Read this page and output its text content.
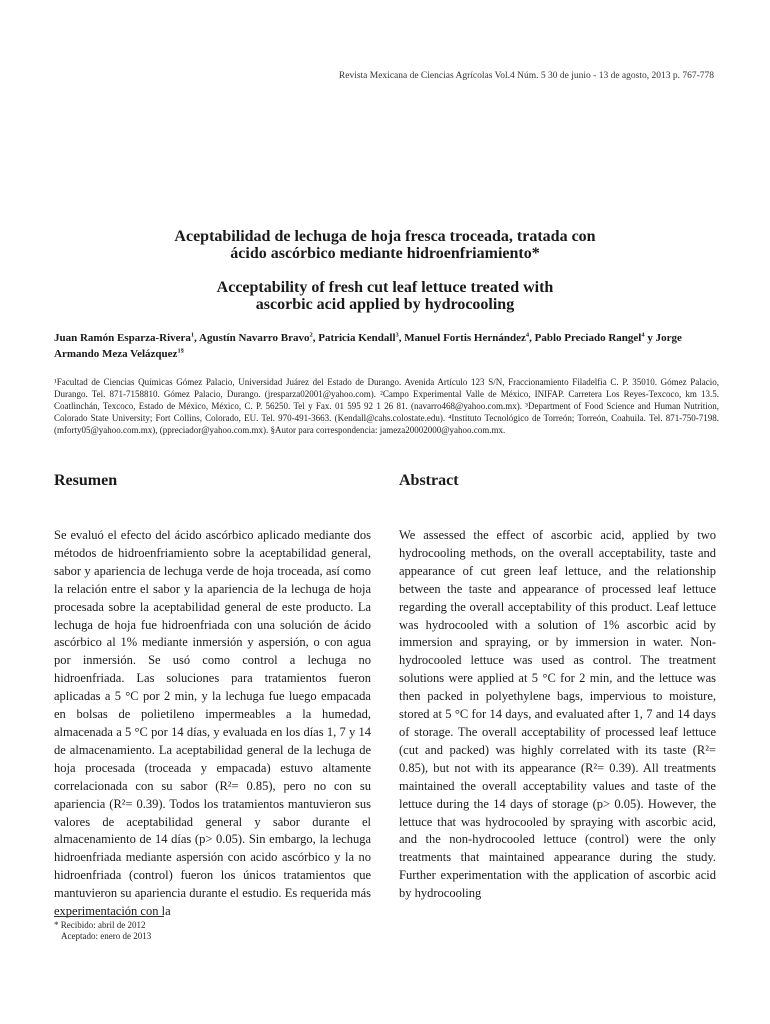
Revista Mexicana de Ciencias Agrícolas Vol.4 Núm. 5 30 de junio - 13 de agosto, 2013 p. 767-778

Aceptabilidad de lechuga de hoja fresca troceada, tratada con
ácido ascórbico mediante hidroenfriamiento*

Acceptability of fresh cut leaf lettuce treated with
ascorbic acid applied by hydrocooling

Juan Ramón Esparza-Rivera$^1$, Agustín Navarro Bravo$^2$, Patricia Kendall$^3$, Manuel Fortis Hernández$^4$, Pablo Preciado Rangel$^4$ y Jorge Armando Meza Velázquez$^{1\S}$
¹Facultad de Ciencias Químicas Gómez Palacio, Universidad Juárez del Estado de Durango. Avenida Artículo 123 S/N, Fraccionamiento Filadelfia C. P. 35010. Gómez Palacio, Durango. Tel. 871-7158810. Gómez Palacio, Durango. (jresparza02001@yahoo.com). ²Campo Experimental Valle de México, INIFAP. Carretera Los Reyes-Texcoco, km 13.5. Coatlinchán, Texcoco, Estado de México, México, C. P. 56250. Tel y Fax. 01 595 92 1 26 81. (navarro468@yahoo.com.mx). ³Department of Food Science and Human Nutrition, Colorado State University; Fort Collins, Colorado, EU. Tel. 970-491-3663. (Kendall@cahs.colostate.edu). ⁴Instituto Tecnológico de Torreón; Torreón, Coahuila. Tel. 871-750-7198. (mforty05@yahoo.com.mx), (ppreciador@yahoo.com.mx). §Autor para correspondencia: jameza20002000@yahoo.com.mx.
Resumen	Abstract

Se evaluó el efecto del ácido ascórbico aplicado mediante dos métodos de hidroenfriamiento sobre la aceptabilidad general, sabor y apariencia de lechuga verde de hoja troceada, así como la relación entre el sabor y la apariencia de la lechuga de hoja procesada sobre la aceptabilidad general de este producto. La lechuga de hoja fue hidroenfriada con una solución de ácido ascórbico al 1% mediante inmersión y aspersión, o con agua por inmersión. Se usó como control a lechuga no hidroenfriada. Las soluciones para tratamientos fueron aplicadas a 5 °C por 2 min, y la lechuga fue luego empacada en bolsas de polietileno impermeables a la humedad, almacenada a 5 °C por 14 días, y evaluada en los días 1, 7 y 14 de almacenamiento. La aceptabilidad general de la lechuga de hoja procesada (troceada y empacada) estuvo altamente correlacionada con su sabor (R²= 0.85), pero no con su apariencia (R²= 0.39). Todos los tratamientos mantuvieron sus valores de aceptabilidad general y sabor durante el almacenamiento de 14 días (p> 0.05). Sin embargo, la lechuga hidroenfriada mediante aspersión con acido ascórbico y la no hidroenfriada (control) fueron los únicos tratamientos que mantuvieron su apariencia durante el estudio. Es requerida más experimentación con la

We assessed the effect of ascorbic acid, applied by two hydrocooling methods, on the overall acceptability, taste and appearance of cut green leaf lettuce, and the relationship between the taste and appearance of processed leaf lettuce regarding the overall acceptability of this product. Leaf lettuce was hydrocooled with a solution of 1% ascorbic acid by immersion and spraying, or by immersion in water. Non-hydrocooled lettuce was used as control. The treatment solutions were applied at 5 °C for 2 min, and the lettuce was then packed in polyethylene bags, impervious to moisture, stored at 5 °C for 14 days, and evaluated after 1, 7 and 14 days of storage. The overall acceptability of processed leaf lettuce (cut and packed) was highly correlated with its taste (R²= 0.85), but not with its appearance (R²= 0.39). All treatments maintained the overall acceptability values and taste of the lettuce during the 14 days of storage (p> 0.05). However, the lettuce that was hydrocooled by spraying with ascorbic acid, and the non-hydrocooled lettuce (control) were the only treatments that maintained appearance during the study. Further experimentation with the application of ascorbic acid by hydrocooling

* Recibido: abril de 2012
Aceptado: enero de 2013
